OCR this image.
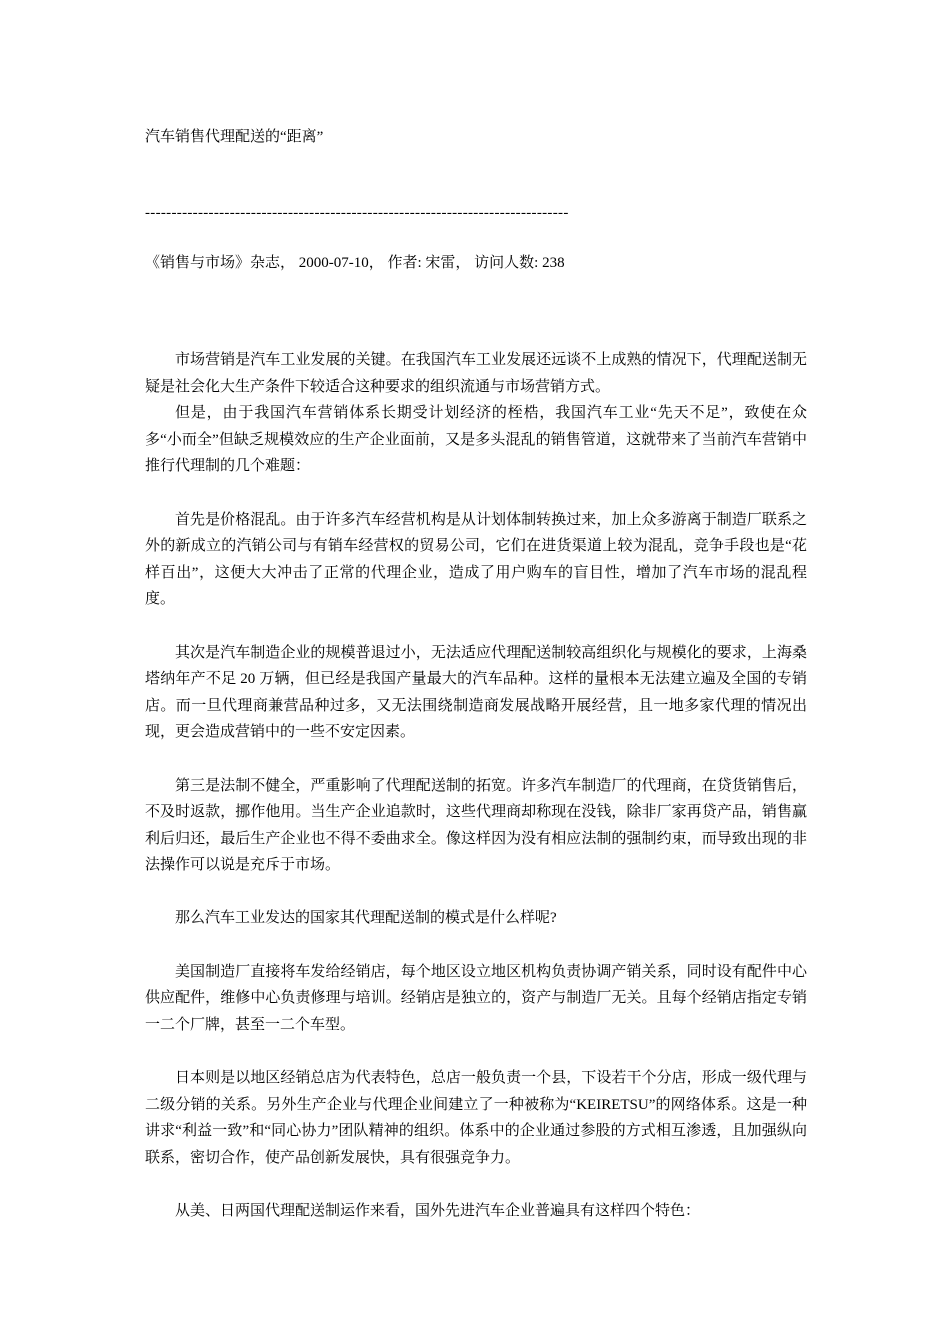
汽车销售代理配送的“距离”
--------------------------------------------------------------------------------
《销售与市场》杂志， 2000-07-10， 作者: 宋雷， 访问人数: 238

市场营销是汽车工业发展的关键。在我国汽车工业发展还远谈不上成熟的情况下，代理配送制无疑是社会化大生产条件下较适合这种要求的组织流通与市场营销方式。

但是，由于我国汽车营销体系长期受计划经济的桎梏，我国汽车工业“先天不足”，致使在众多“小而全”但缺乏规模效应的生产企业面前，又是多头混乱的销售管道，这就带来了当前汽车营销中推行代理制的几个难题：

首先是价格混乱。由于许多汽车经营机构是从计划体制转换过来，加上众多游离于制造厂联系之外的新成立的汽销公司与有销车经营权的贸易公司，它们在进货渠道上较为混乱，竞争手段也是“花样百出”，这便大大冲击了正常的代理企业，造成了用户购车的盲目性，增加了汽车市场的混乱程度。

其次是汽车制造企业的规模普退过小，无法适应代理配送制较高组织化与规模化的要求，上海桑塔纳年产不足 20 万辆，但已经是我国产量最大的汽车品种。这样的量根本无法建立遍及全国的专销店。而一旦代理商兼营品种过多，又无法围绕制造商发展战略开展经营，且一地多家代理的情况出现，更会造成营销中的一些不安定因素。

第三是法制不健全，严重影响了代理配送制的拓宽。许多汽车制造厂的代理商，在贷货销售后，不及时返款，挪作他用。当生产企业追款时，这些代理商却称现在没钱，除非厂家再贷产品，销售赢利后归还，最后生产企业也不得不委曲求全。像这样因为没有相应法制的强制约束，而导致出现的非法操作可以说是充斥于市场。

那么汽车工业发达的国家其代理配送制的模式是什么样呢?

美国制造厂直接将车发给经销店，每个地区设立地区机构负责协调产销关系，同时设有配件中心供应配件，维修中心负责修理与培训。经销店是独立的，资产与制造厂无关。且每个经销店指定专销一二个厂牌，甚至一二个车型。

日本则是以地区经销总店为代表特色，总店一般负责一个县，下设若干个分店，形成一级代理与二级分销的关系。另外生产企业与代理企业间建立了一种被称为“KEIRETSU”的网络体系。这是一种讲求“利益一致”和“同心协力”团队精神的组织。体系中的企业通过参股的方式相互渗透，且加强纵向联系，密切合作，使产品创新发展快，具有很强竞争力。

从美、日两国代理配送制运作来看，国外先进汽车企业普遍具有这样四个特色：
